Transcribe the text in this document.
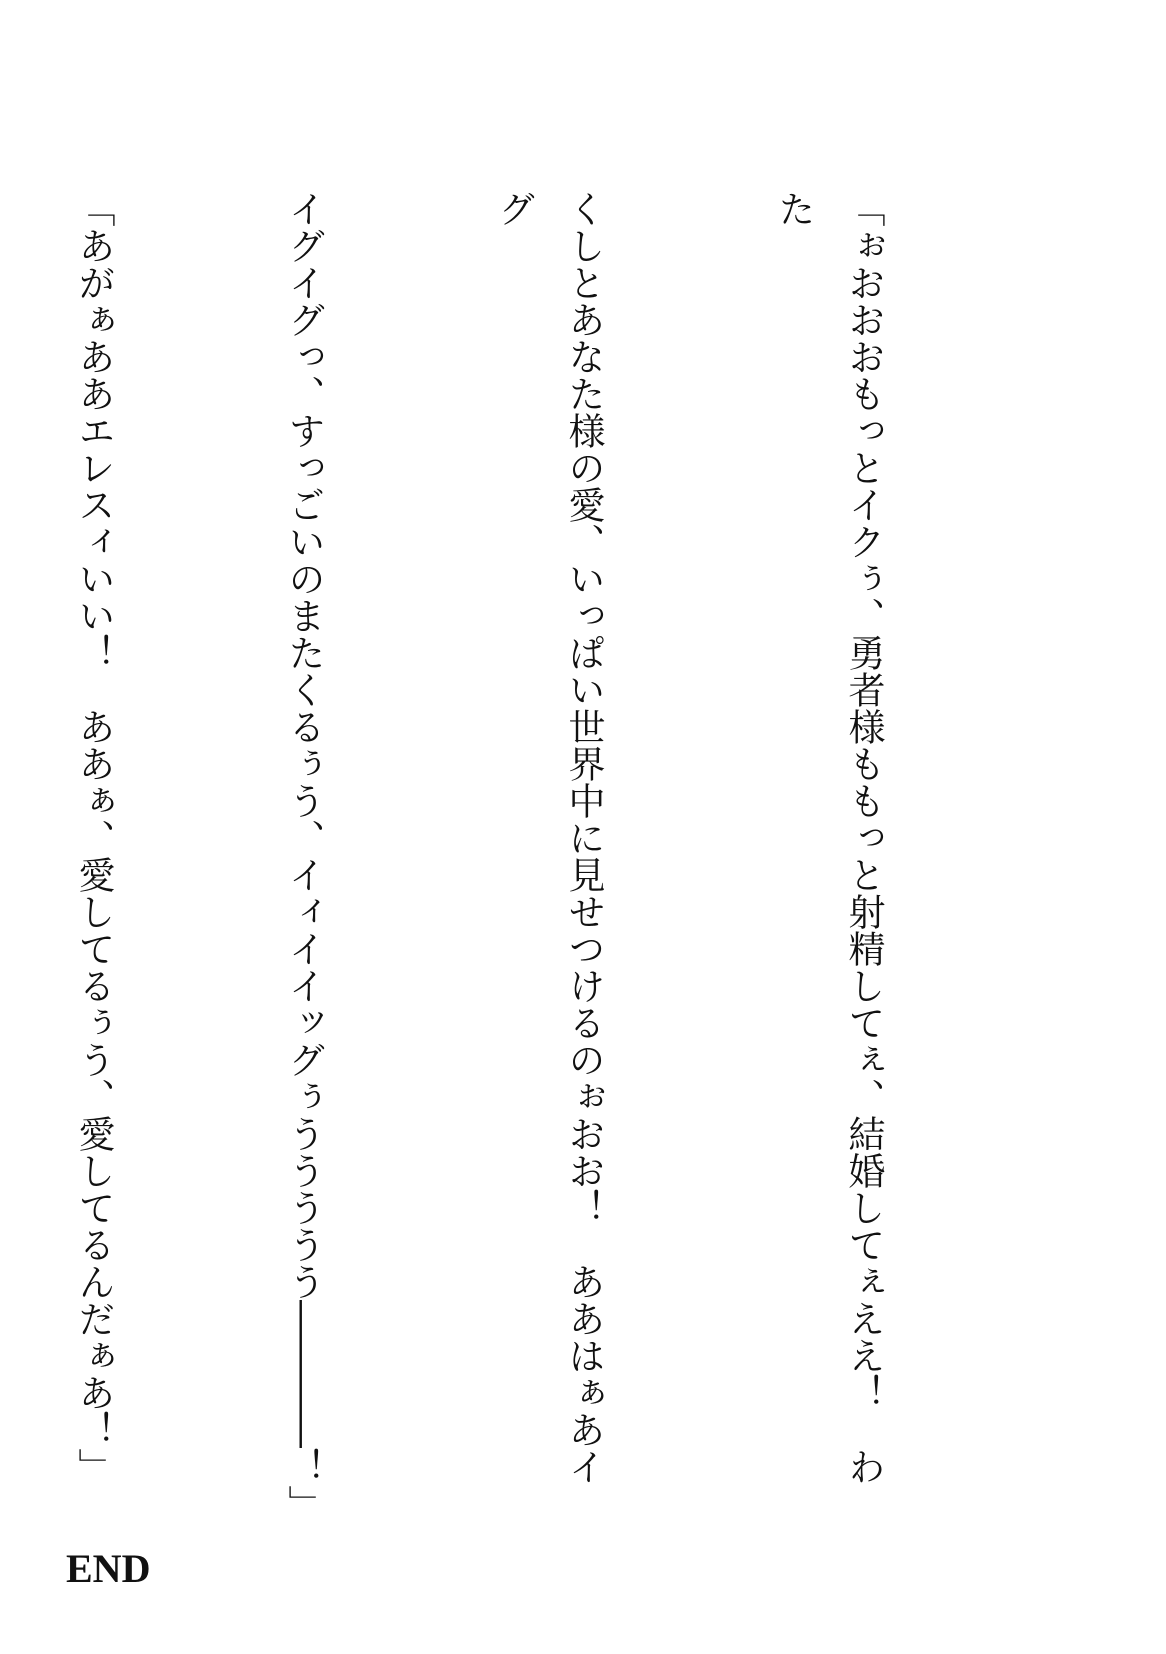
「ぉおおおもっとイクぅ、勇者様ももっと射精してぇ、結婚してぇええ！　わた

くしとあなた様の愛、いっぱい世界中に見せつけるのぉおお！　ああはぁあイグ

イグイグっ、すっごいのまたくるぅう、イィイイッグぅううううう――――！」

「あがぁああエレスィいい！　ああぁ、愛してるぅう、愛してるんだぁあ！」

END
